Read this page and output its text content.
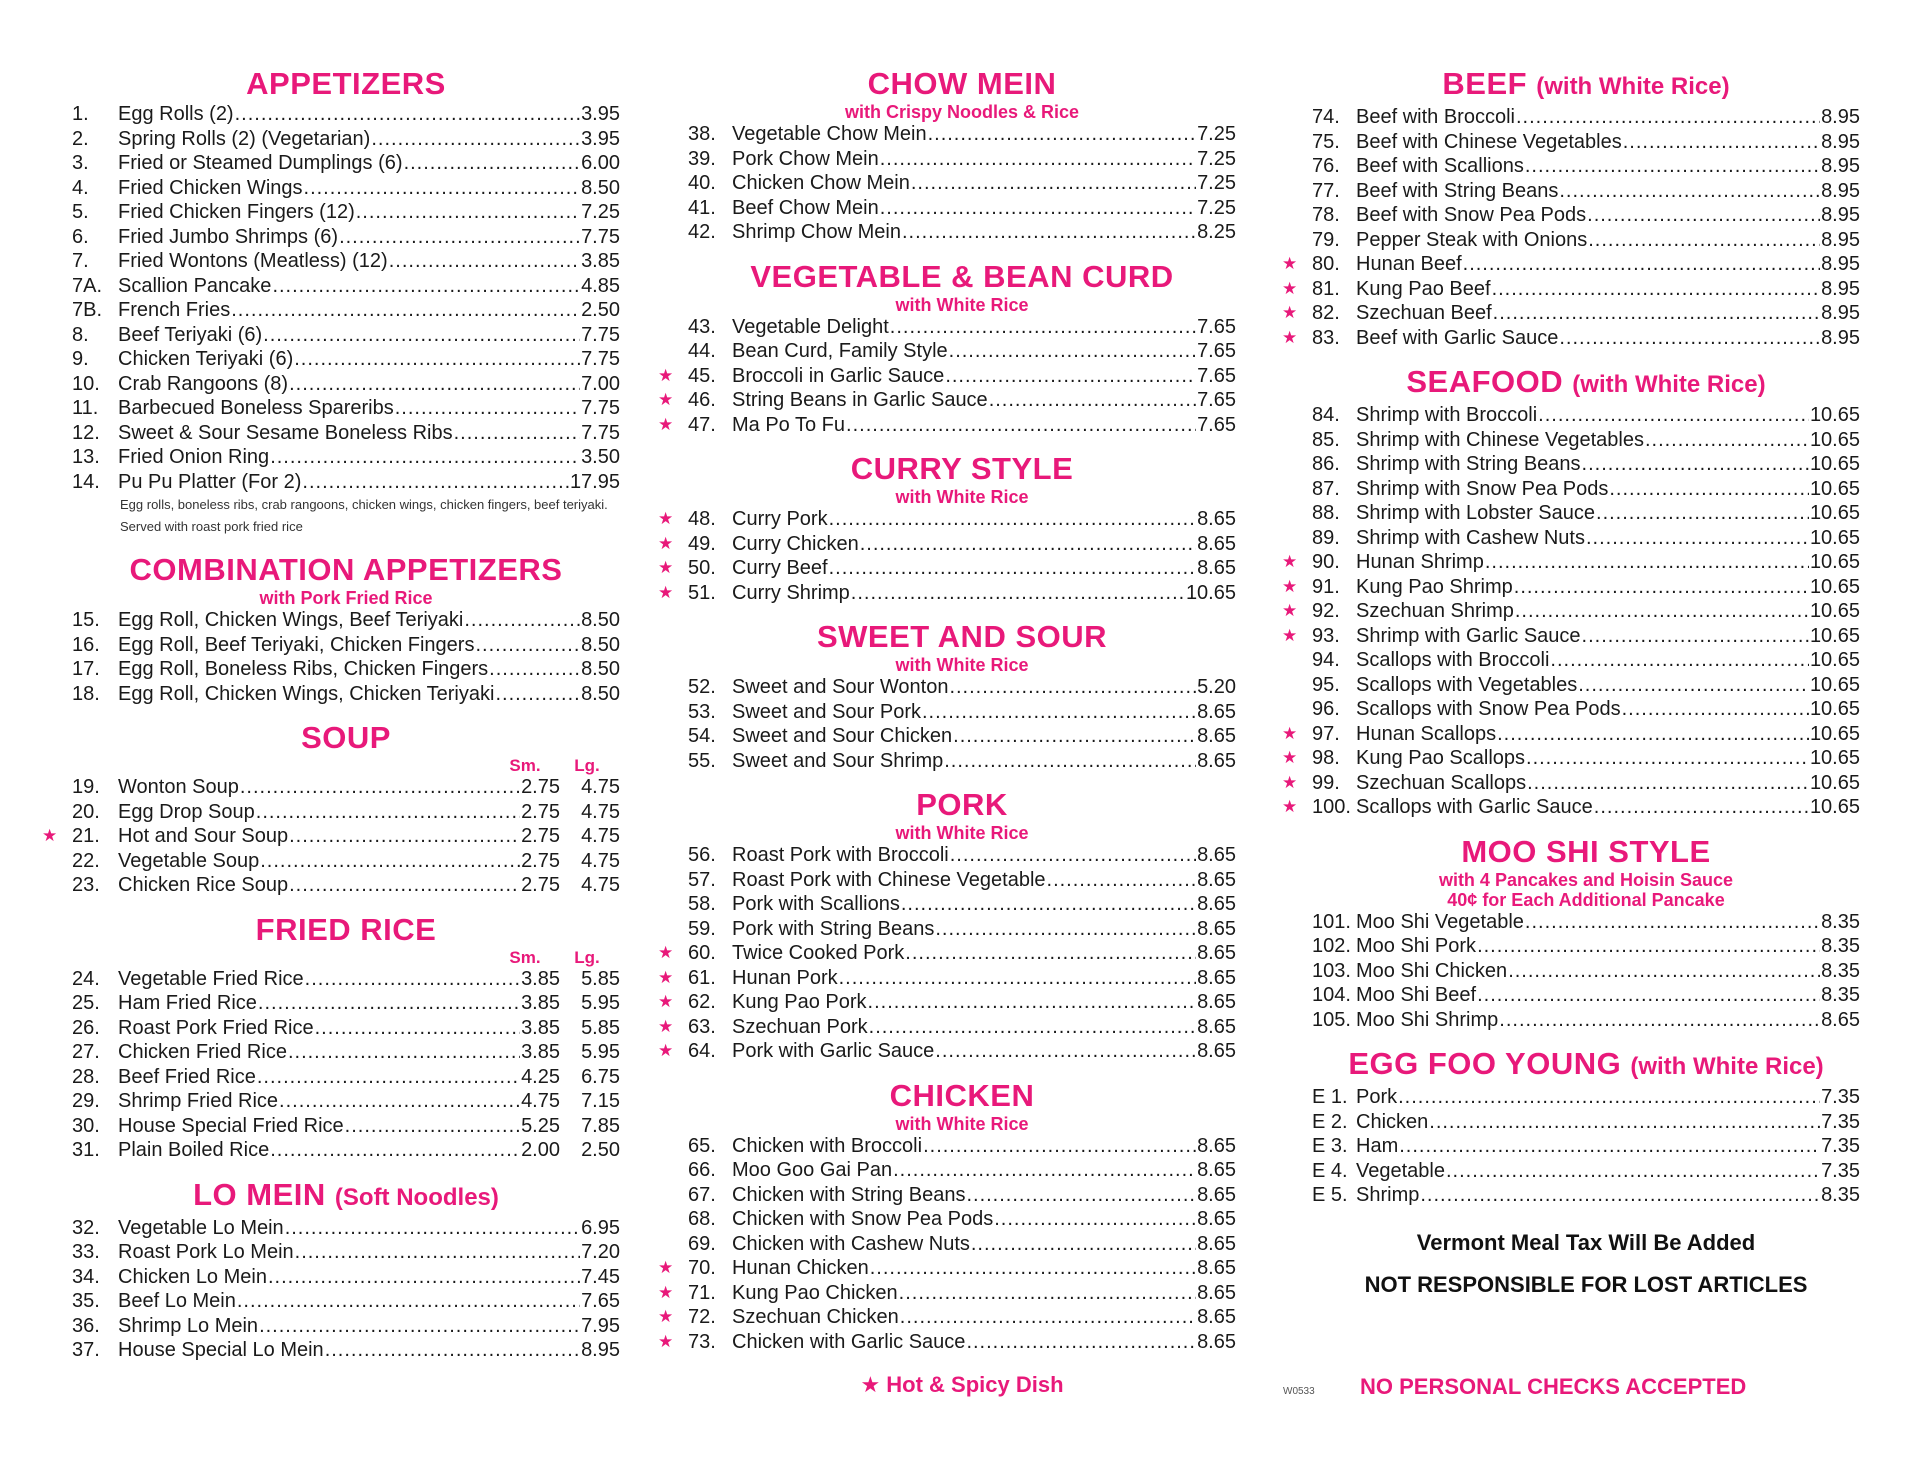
APPETIZERS
1.	Egg Rolls (2) .....	3.95
2.	Spring Rolls (2) (Vegetarian) .....	3.95
3.	Fried or Steamed Dumplings (6) .....	6.00
4.	Fried Chicken Wings .....	8.50
5.	Fried Chicken Fingers (12) .....	7.25
6.	Fried Jumbo Shrimps (6) .....	7.75
7.	Fried Wontons (Meatless) (12) .....	3.85
7A. Scallion Pancake .....	4.85
7B. French Fries .....	2.50
8.	Beef Teriyaki (6) .....	7.75
9.	Chicken Teriyaki (6) .....	7.75
10. Crab Rangoons (8) .....	7.00
11. Barbecued Boneless Spareribs .....	7.75
12. Sweet & Sour Sesame Boneless Ribs .....	7.75
13. Fried Onion Ring .....	3.50
14. Pu Pu Platter (For 2) .....	17.95
Egg rolls, boneless ribs, crab rangoons, chicken wings, chicken fingers, beef teriyaki. Served with roast pork fried rice
COMBINATION APPETIZERS
with Pork Fried Rice
15. Egg Roll, Chicken Wings, Beef Teriyaki .....	8.50
16. Egg Roll, Beef Teriyaki, Chicken Fingers .....	8.50
17. Egg Roll, Boneless Ribs, Chicken Fingers .....	8.50
18. Egg Roll, Chicken Wings, Chicken Teriyaki .....	8.50
SOUP
Sm.	Lg.
19. Wonton Soup .....	2.75	4.75
20. Egg Drop Soup .....	2.75	4.75
★ 21. Hot and Sour Soup .....	2.75	4.75
22. Vegetable Soup .....	2.75	4.75
23. Chicken Rice Soup .....	2.75	4.75
FRIED RICE
Sm.	Lg.
24. Vegetable Fried Rice .....	3.85	5.85
25. Ham Fried Rice .....	3.85	5.95
26. Roast Pork Fried Rice .....	3.85	5.85
27. Chicken Fried Rice .....	3.85	5.95
28. Beef Fried Rice .....	4.25	6.75
29. Shrimp Fried Rice .....	4.75	7.15
30. House Special Fried Rice .....	5.25	7.85
31. Plain Boiled Rice .....	2.00	2.50
LO MEIN (Soft Noodles)
32. Vegetable Lo Mein .....	6.95
33. Roast Pork Lo Mein .....	7.20
34. Chicken Lo Mein .....	7.45
35. Beef Lo Mein .....	7.65
36. Shrimp Lo Mein .....	7.95
37. House Special Lo Mein .....	8.95
CHOW MEIN
with Crispy Noodles & Rice
38. Vegetable Chow Mein .....	7.25
39. Pork Chow Mein .....	7.25
40. Chicken Chow Mein .....	7.25
41. Beef Chow Mein .....	7.25
42. Shrimp Chow Mein .....	8.25
VEGETABLE & BEAN CURD
with White Rice
43. Vegetable Delight .....	7.65
44. Bean Curd, Family Style .....	7.65
★ 45. Broccoli in Garlic Sauce .....	7.65
★ 46. String Beans in Garlic Sauce .....	7.65
★ 47. Ma Po To Fu .....	7.65
CURRY STYLE
with White Rice
★ 48. Curry Pork .....	8.65
★ 49. Curry Chicken .....	8.65
★ 50. Curry Beef .....	8.65
★ 51. Curry Shrimp .....	10.65
SWEET AND SOUR
with White Rice
52. Sweet and Sour Wonton .....	5.20
53. Sweet and Sour Pork .....	8.65
54. Sweet and Sour Chicken .....	8.65
55. Sweet and Sour Shrimp .....	8.65
PORK
with White Rice
56. Roast Pork with Broccoli .....	8.65
57. Roast Pork with Chinese Vegetable .....	8.65
58. Pork with Scallions .....	8.65
59. Pork with String Beans .....	8.65
★ 60. Twice Cooked Pork .....	8.65
★ 61. Hunan Pork .....	8.65
★ 62. Kung Pao Pork .....	8.65
★ 63. Szechuan Pork .....	8.65
★ 64. Pork with Garlic Sauce .....	8.65
CHICKEN
with White Rice
65. Chicken with Broccoli .....	8.65
66. Moo Goo Gai Pan .....	8.65
67. Chicken with String Beans .....	8.65
68. Chicken with Snow Pea Pods .....	8.65
69. Chicken with Cashew Nuts .....	8.65
★ 70. Hunan Chicken .....	8.65
★ 71. Kung Pao Chicken .....	8.65
★ 72. Szechuan Chicken .....	8.65
★ 73. Chicken with Garlic Sauce .....	8.65
BEEF (with White Rice)
74. Beef with Broccoli .....	8.95
75. Beef with Chinese Vegetables .....	8.95
76. Beef with Scallions .....	8.95
77. Beef with String Beans .....	8.95
78. Beef with Snow Pea Pods .....	8.95
79. Pepper Steak with Onions .....	8.95
★ 80. Hunan Beef .....	8.95
★ 81. Kung Pao Beef .....	8.95
★ 82. Szechuan Beef .....	8.95
★ 83. Beef with Garlic Sauce .....	8.95
SEAFOOD (with White Rice)
84. Shrimp with Broccoli .....	10.65
85. Shrimp with Chinese Vegetables .....	10.65
86. Shrimp with String Beans .....	10.65
87. Shrimp with Snow Pea Pods .....	10.65
88. Shrimp with Lobster Sauce .....	10.65
89. Shrimp with Cashew Nuts .....	10.65
★ 90. Hunan Shrimp .....	10.65
★ 91. Kung Pao Shrimp .....	10.65
★ 92. Szechuan Shrimp .....	10.65
★ 93. Shrimp with Garlic Sauce .....	10.65
94. Scallops with Broccoli .....	10.65
95. Scallops with Vegetables .....	10.65
96. Scallops with Snow Pea Pods .....	10.65
★ 97. Hunan Scallops .....	10.65
★ 98. Kung Pao Scallops .....	10.65
★ 99. Szechuan Scallops .....	10.65
★ 100. Scallops with Garlic Sauce .....	10.65
MOO SHI STYLE
with 4 Pancakes and Hoisin Sauce
40¢ for Each Additional Pancake
101. Moo Shi Vegetable .....	8.35
102. Moo Shi Pork .....	8.35
103. Moo Shi Chicken .....	8.35
104. Moo Shi Beef .....	8.35
105. Moo Shi Shrimp .....	8.65
EGG FOO YOUNG (with White Rice)
E 1. Pork .....	7.35
E 2. Chicken .....	7.35
E 3. Ham .....	7.35
E 4. Vegetable .....	7.35
E 5. Shrimp .....	8.35
Vermont Meal Tax Will Be Added
NOT RESPONSIBLE FOR LOST ARTICLES
★ Hot & Spicy Dish	W0533 NO PERSONAL CHECKS ACCEPTED
